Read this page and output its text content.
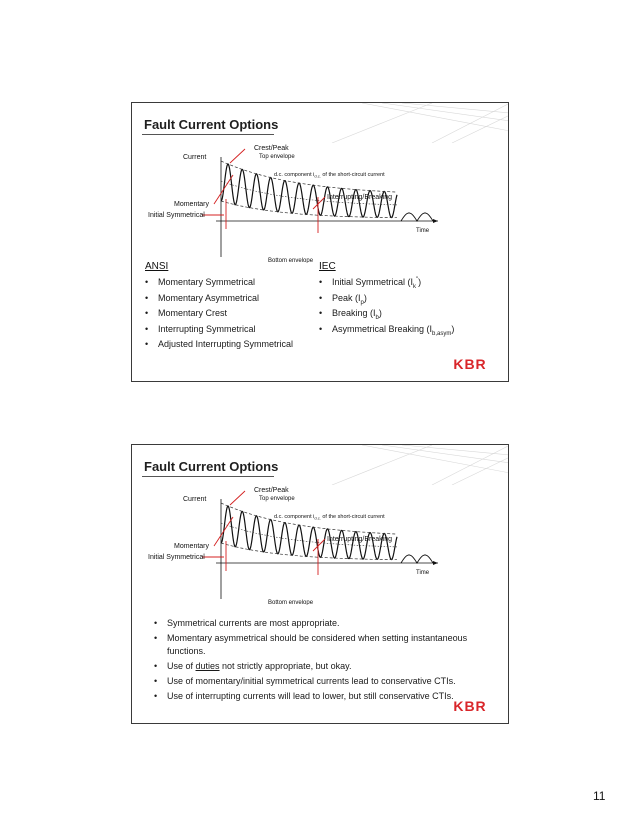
Fault Current Options
Crest/Peak
Current	Top envelope
d.c. component $i_{d.c.}$ of the short-circuit current
Interrupting/Breaking
Momentary
Initial Symmetrical
Time
Bottom envelope
ANSI
• Momentary Symmetrical
• Momentary Asymmetrical
• Momentary Crest
• Interrupting Symmetrical
• Adjusted Interrupting Symmetrical
IEC
• Initial Symmetrical $(I_k^")$
• Peak $(I_p)$
• Breaking $(I_b)$
• Asymmetrical Breaking $(I_{b,asym})$
KBR
Fault Current Options
Crest/Peak
Current	Top envelope
d.c. component $i_{d.c.}$ of the short-circuit current
Interrupting/Breaking
Momentary
Initial Symmetrical
Time
Bottom envelope
• Symmetrical currents are most appropriate.
• Momentary asymmetrical should be considered when setting instantaneous functions.
• Use of duties not strictly appropriate, but okay.
• Use of momentary/initial symmetrical currents lead to conservative CTIs.
• Use of interrupting currents will lead to lower, but still conservative CTIs.
KBR
11
